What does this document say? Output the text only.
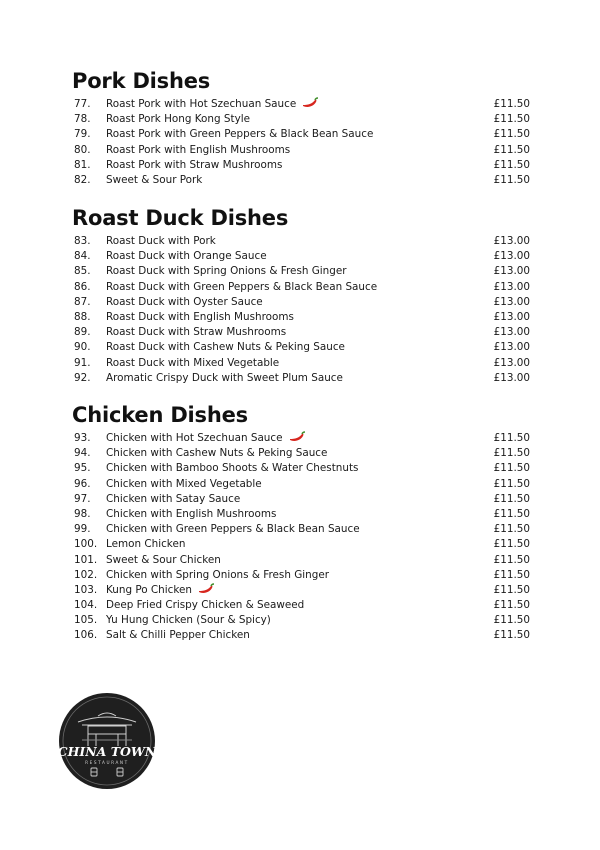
Pork Dishes
77. Roast Pork with Hot Szechuan Sauce	£11.50
78. Roast Pork Hong Kong Style	£11.50
79. Roast Pork with Green Peppers & Black Bean Sauce	£11.50
80. Roast Pork with English Mushrooms	£11.50
81. Roast Pork with Straw Mushrooms	£11.50
82. Sweet & Sour Pork	£11.50
Roast Duck Dishes
83. Roast Duck with Pork	£13.00
84. Roast Duck with Orange Sauce	£13.00
85. Roast Duck with Spring Onions & Fresh Ginger	£13.00
86. Roast Duck with Green Peppers & Black Bean Sauce	£13.00
87. Roast Duck with Oyster Sauce	£13.00
88. Roast Duck with English Mushrooms	£13.00
89. Roast Duck with Straw Mushrooms	£13.00
90. Roast Duck with Cashew Nuts & Peking Sauce	£13.00
91. Roast Duck with Mixed Vegetable	£13.00
92. Aromatic Crispy Duck with Sweet Plum Sauce	£13.00
Chicken Dishes
93. Chicken with Hot Szechuan Sauce	£11.50
94. Chicken with Cashew Nuts & Peking Sauce	£11.50
95. Chicken with Bamboo Shoots & Water Chestnuts	£11.50
96. Chicken with Mixed Vegetable	£11.50
97. Chicken with Satay Sauce	£11.50
98. Chicken with English Mushrooms	£11.50
99. Chicken with Green Peppers & Black Bean Sauce	£11.50
100. Lemon Chicken	£11.50
101. Sweet & Sour Chicken	£11.50
102. Chicken with Spring Onions & Fresh Ginger	£11.50
103. Kung Po Chicken	£11.50
104. Deep Fried Crispy Chicken & Seaweed	£11.50
105. Yu Hung Chicken (Sour & Spicy)	£11.50
106. Salt & Chilli Pepper Chicken	£11.50
CHINA TOWN
RESTAURANT
